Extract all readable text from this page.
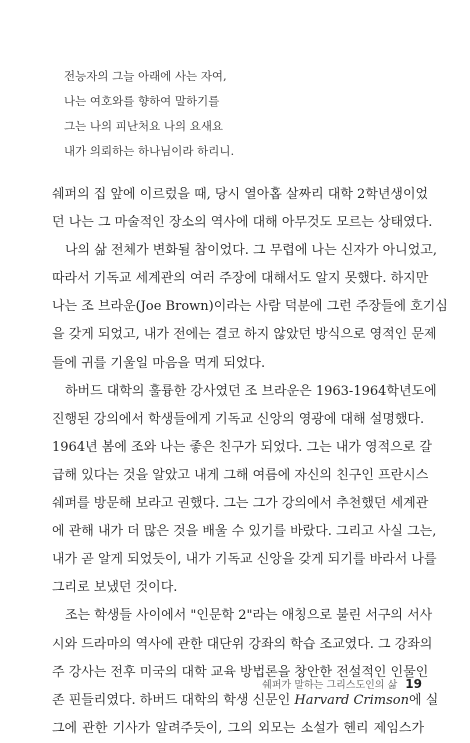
전능자의 그늘 아래에 사는 자여,
나는 여호와를 향하여 말하기를
그는 나의 피난처요 나의 요새요
내가 의뢰하는 하나님이라 하리니.
쉐퍼의 집 앞에 이르렀을 때, 당시 열아홉 살짜리 대학 2학년생이었
던 나는 그 마술적인 장소의 역사에 대해 아무것도 모르는 상태였다.
나의 삶 전체가 변화될 참이었다. 그 무렵에 나는 신자가 아니었고,
따라서 기독교 세계관의 여러 주장에 대해서도 알지 못했다. 하지만
나는 조 브라운(Joe Brown)이라는 사람 덕분에 그런 주장들에 호기심
을 갖게 되었고, 내가 전에는 결코 하지 않았던 방식으로 영적인 문제
들에 귀를 기울일 마음을 먹게 되었다.
하버드 대학의 훌륭한 강사였던 조 브라운은 1963-1964학년도에
진행된 강의에서 학생들에게 기독교 신앙의 영광에 대해 설명했다.
1964년 봄에 조와 나는 좋은 친구가 되었다. 그는 내가 영적으로 갈
급해 있다는 것을 알았고 내게 그해 여름에 자신의 친구인 프란시스
쉐퍼를 방문해 보라고 권했다. 그는 그가 강의에서 추천했던 세계관
에 관해 내가 더 많은 것을 배울 수 있기를 바랐다. 그리고 사실 그는,
내가 곧 알게 되었듯이, 내가 기독교 신앙을 갖게 되기를 바라서 나를
그리로 보냈던 것이다.
조는 학생들 사이에서 "인문학 2"라는 애칭으로 불린 서구의 서사
시와 드라마의 역사에 관한 대단위 강좌의 학습 조교였다. 그 강좌의
주 강사는 전후 미국의 대학 교육 방법론을 창안한 전설적인 인물인
존 핀들리였다. 하버드 대학의 학생 신문인 Harvard Crimson에 실
그에 관한 기사가 알려주듯이, 그의 외모는 소설가 헨리 제임스가
쉐퍼가 말하는 그리스도인의 삶 19
